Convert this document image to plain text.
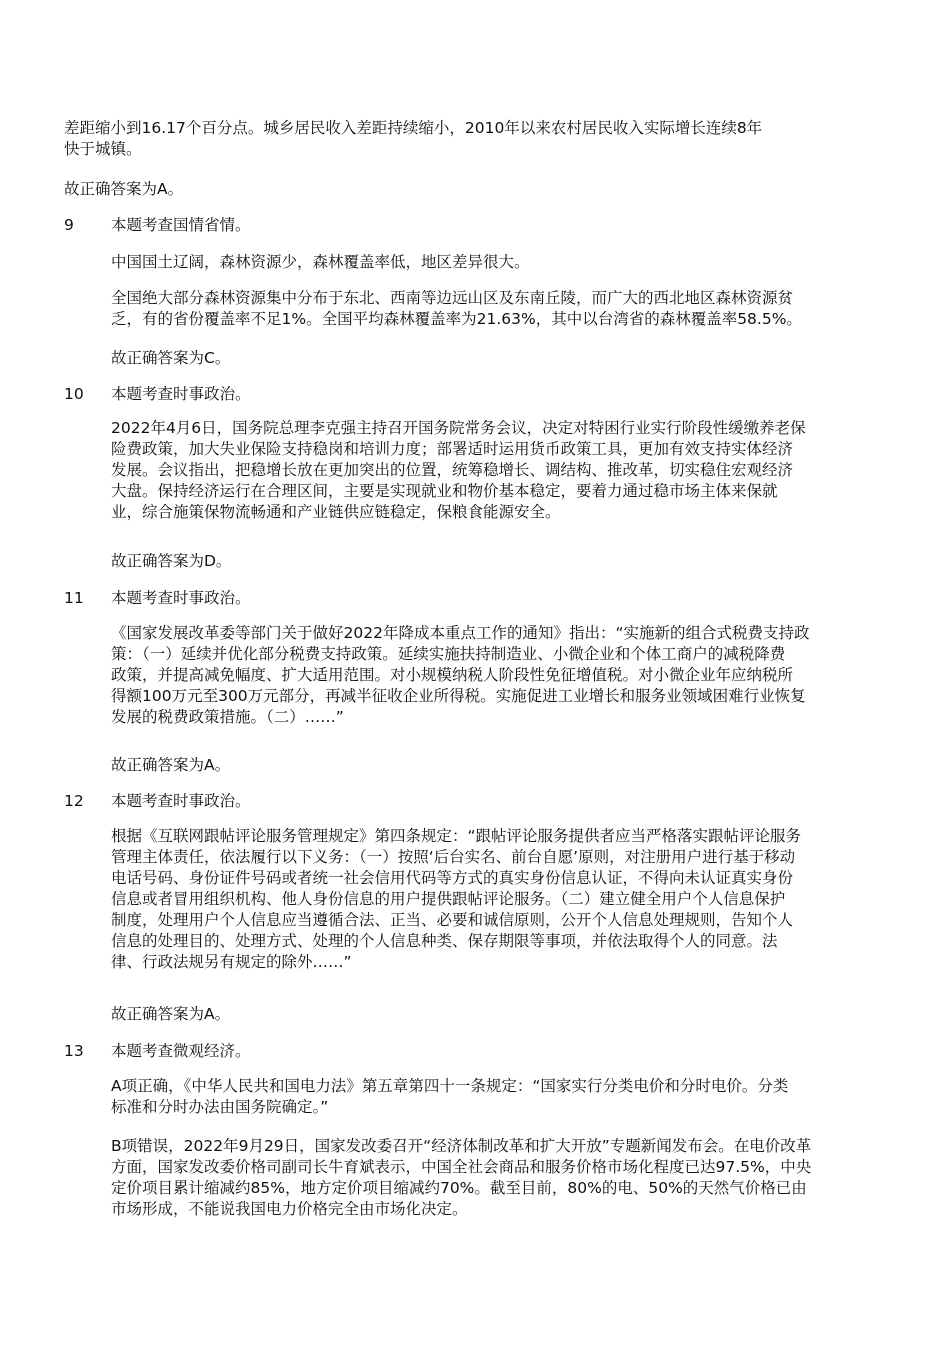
差距缩小到16.17个百分点。城乡居民收入差距持续缩小，2010年以来农村居民收入实际增长连续8年
快于城镇。

故正确答案为A。
9	本题考查国情省情。

中国国土辽阔，森林资源少，森林覆盖率低，地区差异很大。

全国绝大部分森林资源集中分布于东北、西南等边远山区及东南丘陵，而广大的西北地区森林资源贫
乏，有的省份覆盖率不足1%。全国平均森林覆盖率为21.63%，其中以台湾省的森林覆盖率58.5%。

故正确答案为C。
10	本题考查时事政治。

2022年4月6日，国务院总理李克强主持召开国务院常务会议，决定对特困行业实行阶段性缓缴养老保
险费政策，加大失业保险支持稳岗和培训力度；部署适时运用货币政策工具，更加有效支持实体经济
发展。会议指出，把稳增长放在更加突出的位置，统筹稳增长、调结构、推改革，切实稳住宏观经济
大盘。保持经济运行在合理区间，主要是实现就业和物价基本稳定，要着力通过稳市场主体来保就
业，综合施策保物流畅通和产业链供应链稳定，保粮食能源安全。

故正确答案为D。
11	本题考查时事政治。

《国家发展改革委等部门关于做好2022年降成本重点工作的通知》指出：“实施新的组合式税费支持政
策：（一）延续并优化部分税费支持政策。延续实施扶持制造业、小微企业和个体工商户的减税降费
政策，并提高减免幅度、扩大适用范围。对小规模纳税人阶段性免征增值税。对小微企业年应纳税所
得额100万元至300万元部分，再减半征收企业所得税。实施促进工业增长和服务业领域困难行业恢复
发展的税费政策措施。（二）……”

故正确答案为A。
12	本题考查时事政治。

根据《互联网跟帖评论服务管理规定》第四条规定：“跟帖评论服务提供者应当严格落实跟帖评论服务
管理主体责任，依法履行以下义务：（一）按照‘后台实名、前台自愿’原则，对注册用户进行基于移动
电话号码、身份证件号码或者统一社会信用代码等方式的真实身份信息认证，不得向未认证真实身份
信息或者冒用组织机构、他人身份信息的用户提供跟帖评论服务。（二）建立健全用户个人信息保护
制度，处理用户个人信息应当遵循合法、正当、必要和诚信原则，公开个人信息处理规则，告知个人
信息的处理目的、处理方式、处理的个人信息种类、保存期限等事项，并依法取得个人的同意。法
律、行政法规另有规定的除外……”

故正确答案为A。
13	本题考查微观经济。

A项正确，《中华人民共和国电力法》第五章第四十一条规定：“国家实行分类电价和分时电价。分类
标准和分时办法由国务院确定。”

B项错误，2022年9月29日，国家发改委召开“经济体制改革和扩大开放”专题新闻发布会。在电价改革
方面，国家发改委价格司副司长牛育斌表示，中国全社会商品和服务价格市场化程度已达97.5%，中央
定价项目累计缩减约85%，地方定价项目缩减约70%。截至目前，80%的电、50%的天然气价格已由
市场形成，不能说我国电力价格完全由市场化决定。
